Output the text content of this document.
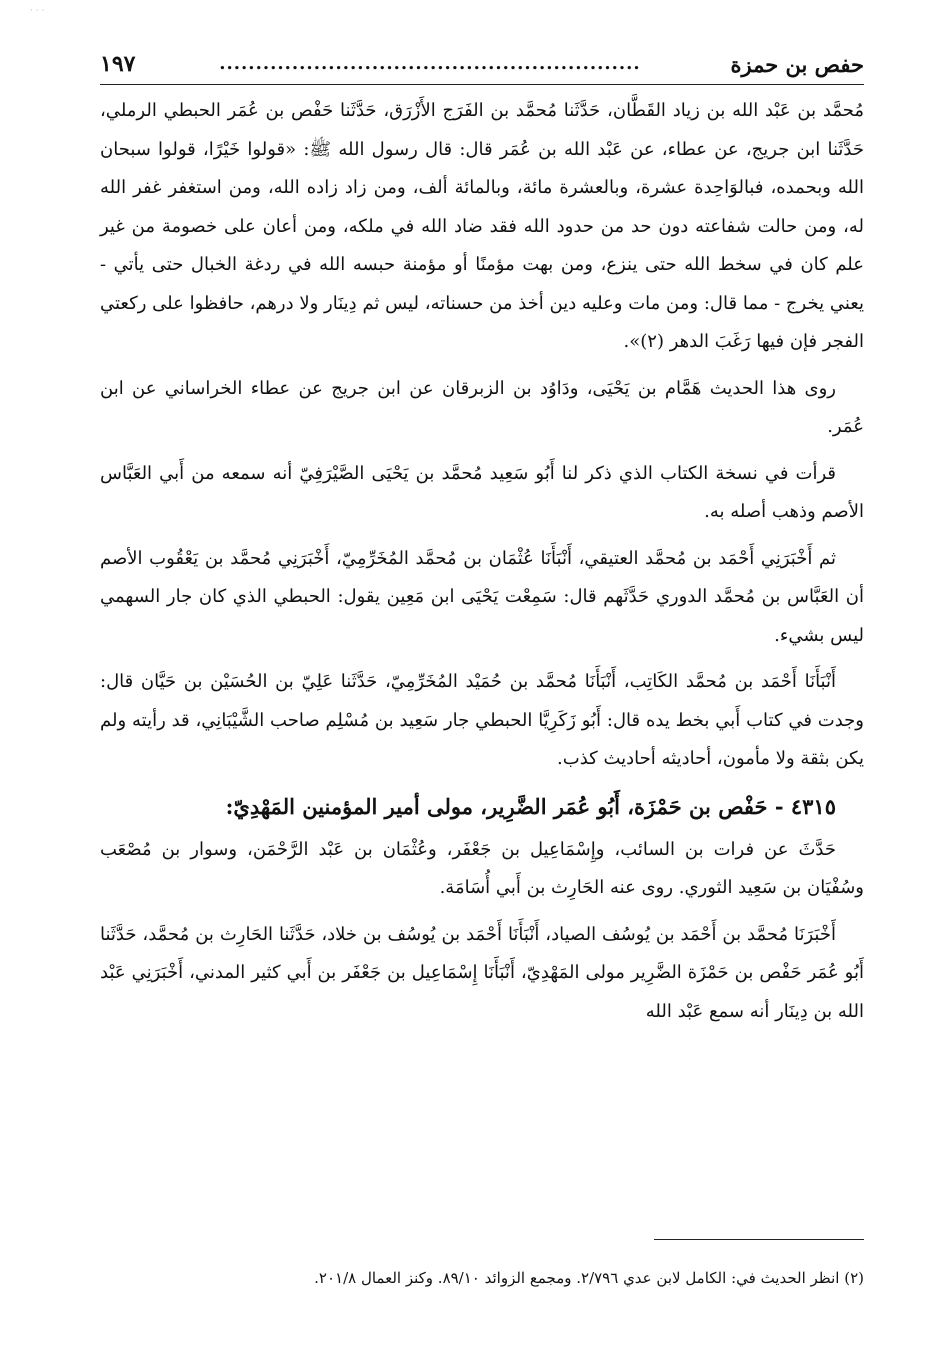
· · ·
حفص بن حمزة
..........................................................
١٩٧

مُحمَّد بن عَبْد الله بن زياد القَطَّان، حَدَّثَنا مُحمَّد بن الفَرَج الأَزْرَق، حَدَّثَنا حَفْص بن عُمَر الحبطي الرملي، حَدَّثَنا ابن جريج، عن عطاء، عن عَبْد الله بن عُمَر قال: قال رسول الله ﷺ: «قولوا خَيْرًا، قولوا سبحان الله وبحمده، فبالوَاحِدة عشرة، وبالعشرة مائة، وبالمائة ألف، ومن زاد زاده الله، ومن استغفر غفر الله له، ومن حالت شفاعته دون حد من حدود الله فقد ضاد الله في ملكه، ومن أعان على خصومة من غير علم كان في سخط الله حتى ينزع، ومن بهت مؤمنًا أو مؤمنة حبسه الله في ردغة الخبال حتى يأتي - يعني يخرج - مما قال: ومن مات وعليه دين أخذ من حسناته، ليس ثم دِينَار ولا درهم، حافظوا على ركعتي الفجر فإن فيها رَغَبَ الدهر (٢)».

روى هذا الحديث هَمَّام بن يَحْيَى، ودَاوُد بن الزبرقان عن ابن جريج عن عطاء الخراساني عن ابن عُمَر.

قرأت في نسخة الكتاب الذي ذكر لنا أَبُو سَعِيد مُحمَّد بن يَحْيَى الصَّيْرَفِيّ أنه سمعه من أَبي العَبَّاس الأصم وذهب أصله به.

ثم أَخْبَرَنِي أَحْمَد بن مُحمَّد العتيقي، أَنْبَأَنَا عُثْمَان بن مُحمَّد المُخَرِّمِيّ، أَخْبَرَنِي مُحمَّد بن يَعْقُوب الأصم أن العَبَّاس بن مُحمَّد الدوري حَدَّثَهم قال: سَمِعْت يَحْيَى ابن مَعِين يقول: الحبطي الذي كان جار السهمي ليس بشيء.

أَنْبَأَنَا أَحْمَد بن مُحمَّد الكَاتِب، أَنْبَأَنَا مُحمَّد بن حُمَيْد المُخَرِّمِيّ، حَدَّثَنا عَلِيّ بن الحُسَيْن بن حَيَّان قال: وجدت في كتاب أَبي بخط يده قال: أَبُو زَكَرِيَّا الحبطي جار سَعِيد بن مُسْلِم صاحب الشَّيْبَانِي، قد رأيته ولم يكن بثقة ولا مأمون، أحاديثه أحاديث كذب.

٤٣١٥ - حَفْص بن حَمْزَة، أَبُو عُمَر الضَّرِير، مولى أمير المؤمنين المَهْدِيّ:

حَدَّثَ عن فرات بن السائب، وإِسْمَاعِيل بن جَعْفَر، وعُثْمَان بن عَبْد الرَّحْمَن، وسوار بن مُصْعَب وسُفْيَان بن سَعِيد الثوري. روى عنه الحَارِث بن أَبي أُسَامَة.

أَخْبَرَنَا مُحمَّد بن أَحْمَد بن يُوسُف الصياد، أَنْبَأَنَا أَحْمَد بن يُوسُف بن خلاد، حَدَّثَنا الحَارِث بن مُحمَّد، حَدَّثَنا أَبُو عُمَر حَفْص بن حَمْزَة الضَّرِير مولى المَهْدِيّ، أَنْبَأَنَا إِسْمَاعِيل بن جَعْفَر بن أَبي كثير المدني، أَخْبَرَنِي عَبْد الله بن دِينَار أنه سمع عَبْد الله

(٢) انظر الحديث في: الكامل لابن عدي ٢/٧٩٦. ومجمع الزوائد ٨٩/١٠. وكنز العمال ٢٠١/٨.
